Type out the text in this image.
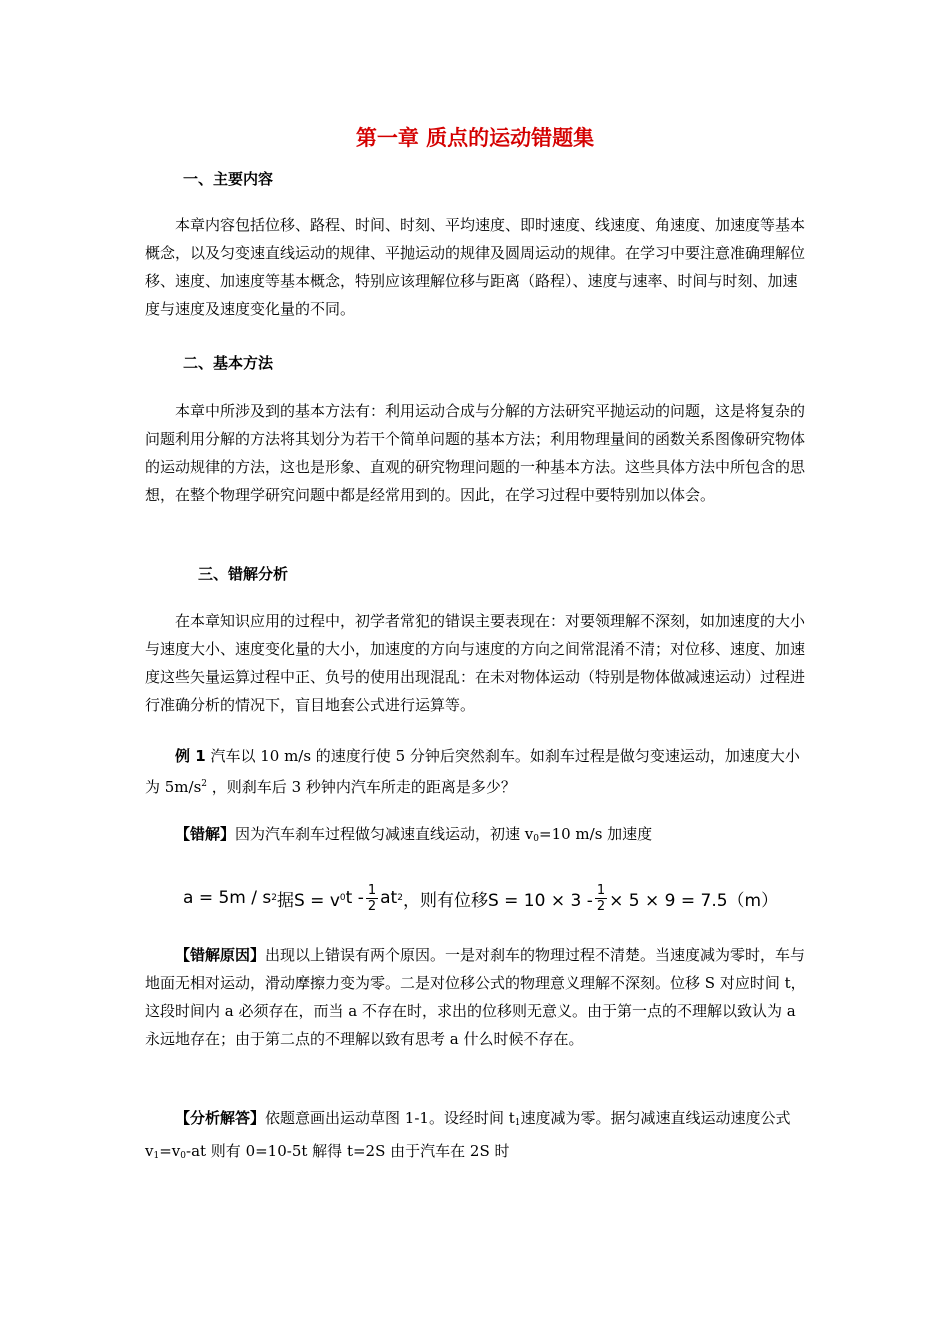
第一章 质点的运动错题集
一、主要内容

本章内容包括位移、路程、时间、时刻、平均速度、即时速度、线速度、角速度、加速度等基本概念，以及匀变速直线运动的规律、平抛运动的规律及圆周运动的规律。在学习中要注意准确理解位移、速度、加速度等基本概念，特别应该理解位移与距离（路程）、速度与速率、时间与时刻、加速度与速度及速度变化量的不同。

二、基本方法

本章中所涉及到的基本方法有：利用运动合成与分解的方法研究平抛运动的问题，这是将复杂的问题利用分解的方法将其划分为若干个简单问题的基本方法；利用物理量间的函数关系图像研究物体的运动规律的方法，这也是形象、直观的研究物理问题的一种基本方法。这些具体方法中所包含的思想，在整个物理学研究问题中都是经常用到的。因此，在学习过程中要特别加以体会。

三、错解分析

在本章知识应用的过程中，初学者常犯的错误主要表现在：对要领理解不深刻，如加速度的大小与速度大小、速度变化量的大小，加速度的方向与速度的方向之间常混淆不清；对位移、速度、加速度这些矢量运算过程中正、负号的使用出现混乱：在未对物体运动（特别是物体做减速运动）过程进行准确分析的情况下，盲目地套公式进行运算等。

例 1 汽车以 10 m/s 的速度行使 5 分钟后突然刹车。如刹车过程是做匀变速运动，加速度大小为 $5m/s^2$ ，则刹车后 3 秒钟内汽车所走的距离是多少？

【错解】因为汽车刹车过程做匀减速直线运动，初速 $v_0=10$ m/s 加速度

a = 5m / s 2 据S = v 0 t - $\frac{1}{2}$ at 2 ，则有位移$S = 10 \times 3 - \frac{1}{2} \times 5 \times 9 = 7.5(m)$

【错解原因】出现以上错误有两个原因。一是对刹车的物理过程不清楚。当速度减为零时，车与地面无相对运动，滑动摩擦力变为零。二是对位移公式的物理意义理解不深刻。位移 S 对应时间 t，这段时间内 a 必须存在，而当 a 不存在时，求出的位移则无意义。由于第一点的不理解以致认为 a 永远地存在；由于第二点的不理解以致有思考 a 什么时候不存在。

【分析解答】依题意画出运动草图 1-1。设经时间 $t_1$速度减为零。据匀减速直线运动速度公式 $v_1=v_0-at$ 则有 0=10-5t 解得 t=2S 由于汽车在 2S 时
